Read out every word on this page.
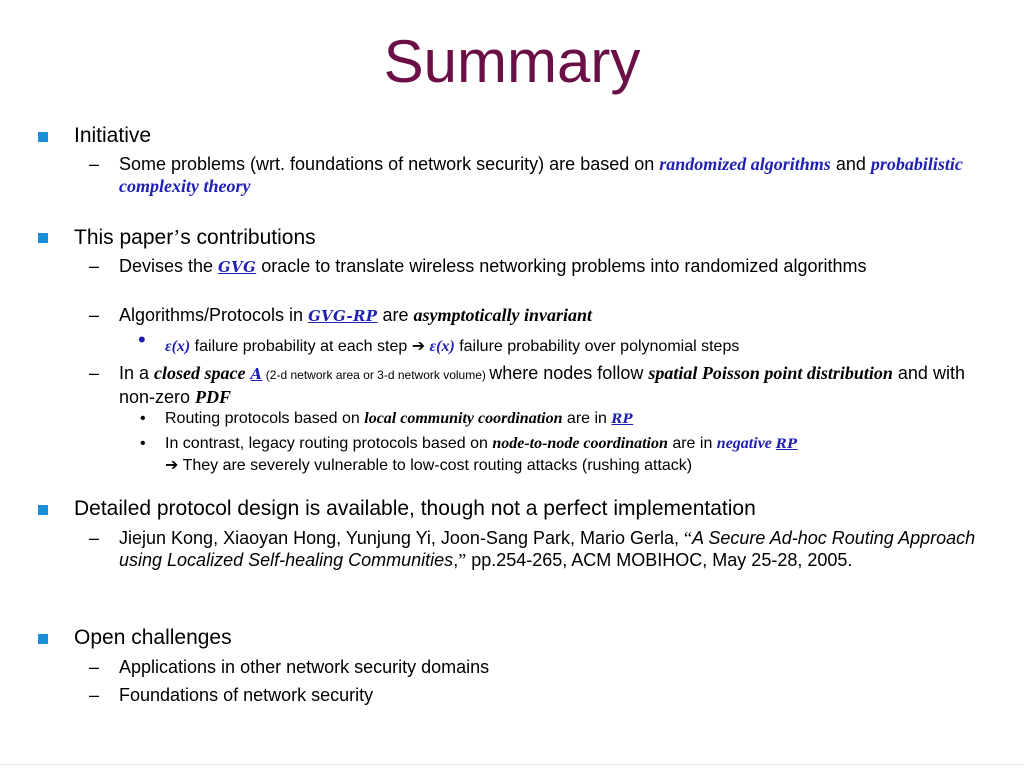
Summary
Initiative
– Some problems (wrt. foundations of network security) are based on randomized algorithms and probabilistic complexity theory
This paper’s contributions
– Devises the GVG oracle to translate wireless networking problems into randomized algorithms
– Algorithms/Protocols in GVG-RP are asymptotically invariant
• ε(x) failure probability at each step ➔ ε(x) failure probability over polynomial steps
– In a closed space A (2-d network area or 3-d network volume) where nodes follow spatial Poisson point distribution and with non-zero PDF
• Routing protocols based on local community coordination are in RP
• In contrast, legacy routing protocols based on node-to-node coordination are in negative RP
➔ They are severely vulnerable to low-cost routing attacks (rushing attack)
Detailed protocol design is available, though not a perfect implementation
– Jiejun Kong, Xiaoyan Hong, Yunjung Yi, Joon-Sang Park, Mario Gerla, “A Secure Ad-hoc Routing Approach using Localized Self-healing Communities,” pp.254-265, ACM MOBIHOC, May 25-28, 2005.
Open challenges
– Applications in other network security domains
– Foundations of network security
